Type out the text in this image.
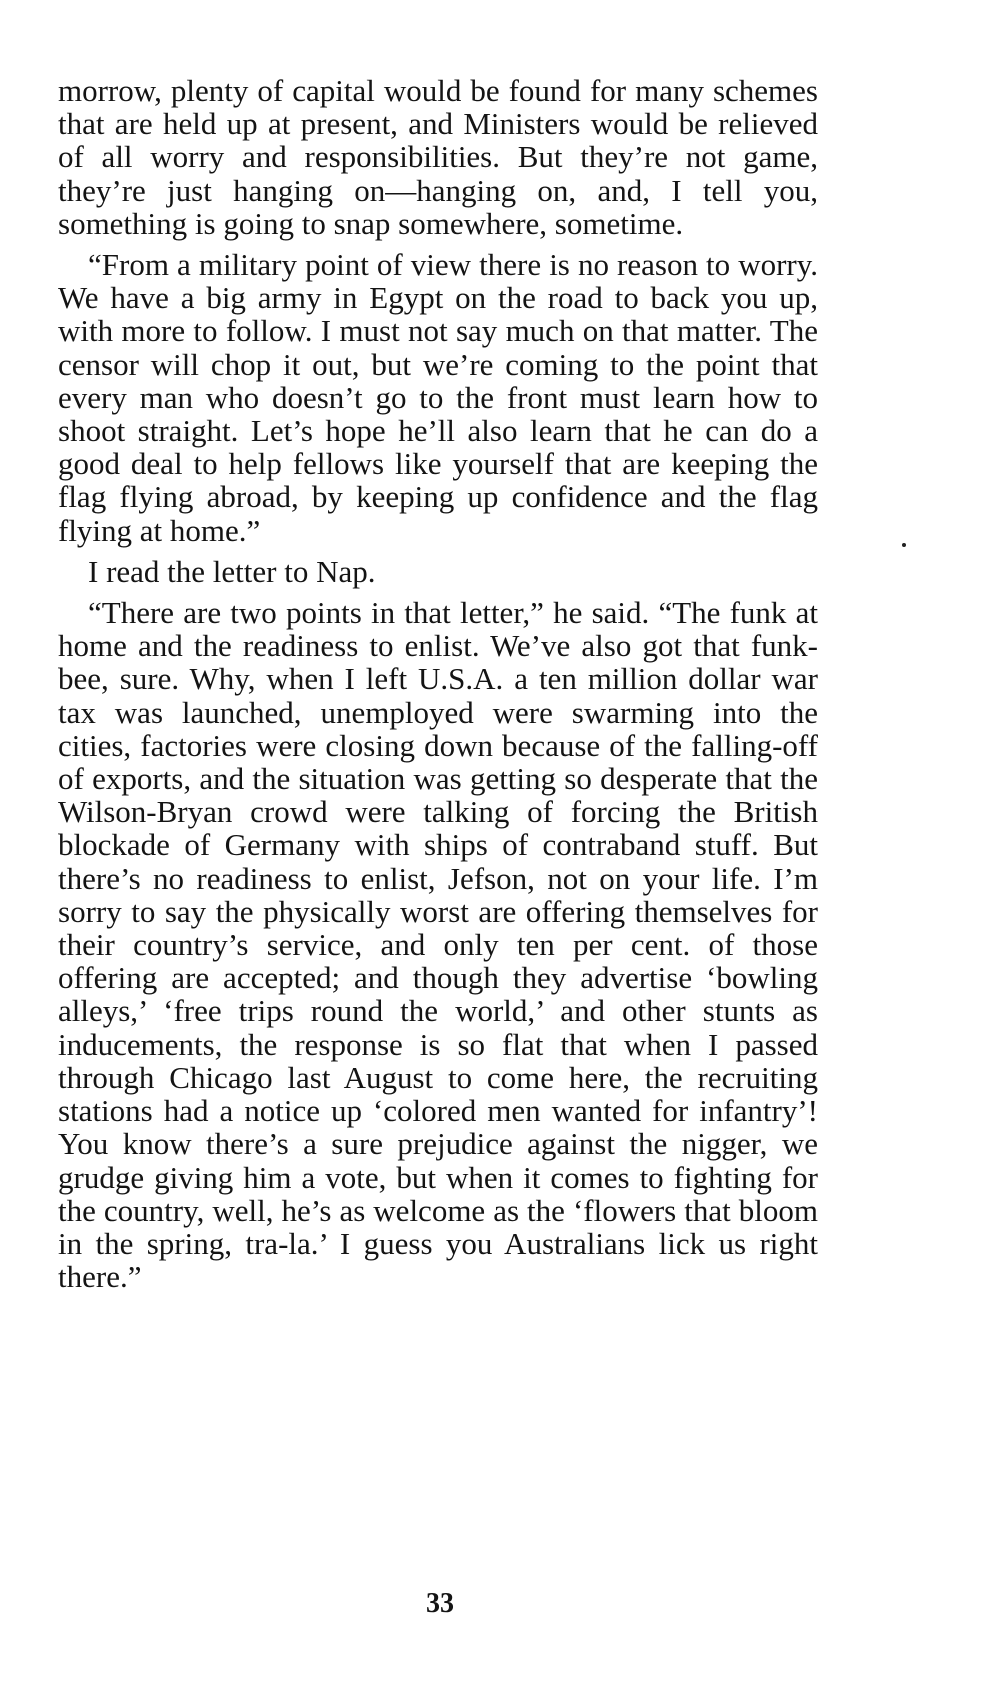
morrow, plenty of capital would be found for many schemes that are held up at present, and Ministers would be relieved of all worry and responsibilities. But they’re not game, they’re just hanging on—hanging on, and, I tell you, something is going to snap somewhere, sometime.

“From a military point of view there is no reason to worry. We have a big army in Egypt on the road to back you up, with more to follow. I must not say much on that matter. The censor will chop it out, but we’re coming to the point that every man who doesn’t go to the front must learn how to shoot straight. Let’s hope he’ll also learn that he can do a good deal to help fellows like yourself that are keeping the flag flying abroad, by keeping up confidence and the flag flying at home.”

I read the letter to Nap.

“There are two points in that letter,” he said. “The funk at home and the readiness to enlist. We’ve also got that funk-bee, sure. Why, when I left U.S.A. a ten million dollar war tax was launched, unemployed were swarming into the cities, factories were closing down because of the falling-off of exports, and the situation was getting so desperate that the Wilson-Bryan crowd were talking of forcing the British blockade of Germany with ships of contraband stuff. But there’s no readiness to enlist, Jefson, not on your life. I’m sorry to say the physically worst are offering themselves for their country’s service, and only ten per cent. of those offering are accepted; and though they advertise ‘bowling alleys,’ ‘free trips round the world,’ and other stunts as inducements, the response is so flat that when I passed through Chicago last August to come here, the recruiting stations had a notice up ‘colored men wanted for infantry’! You know there’s a sure prejudice against the nigger, we grudge giving him a vote, but when it comes to fighting for the country, well, he’s as welcome as the ‘flowers that bloom in the spring, tra-la.’ I guess you Australians lick us right there.”

33
